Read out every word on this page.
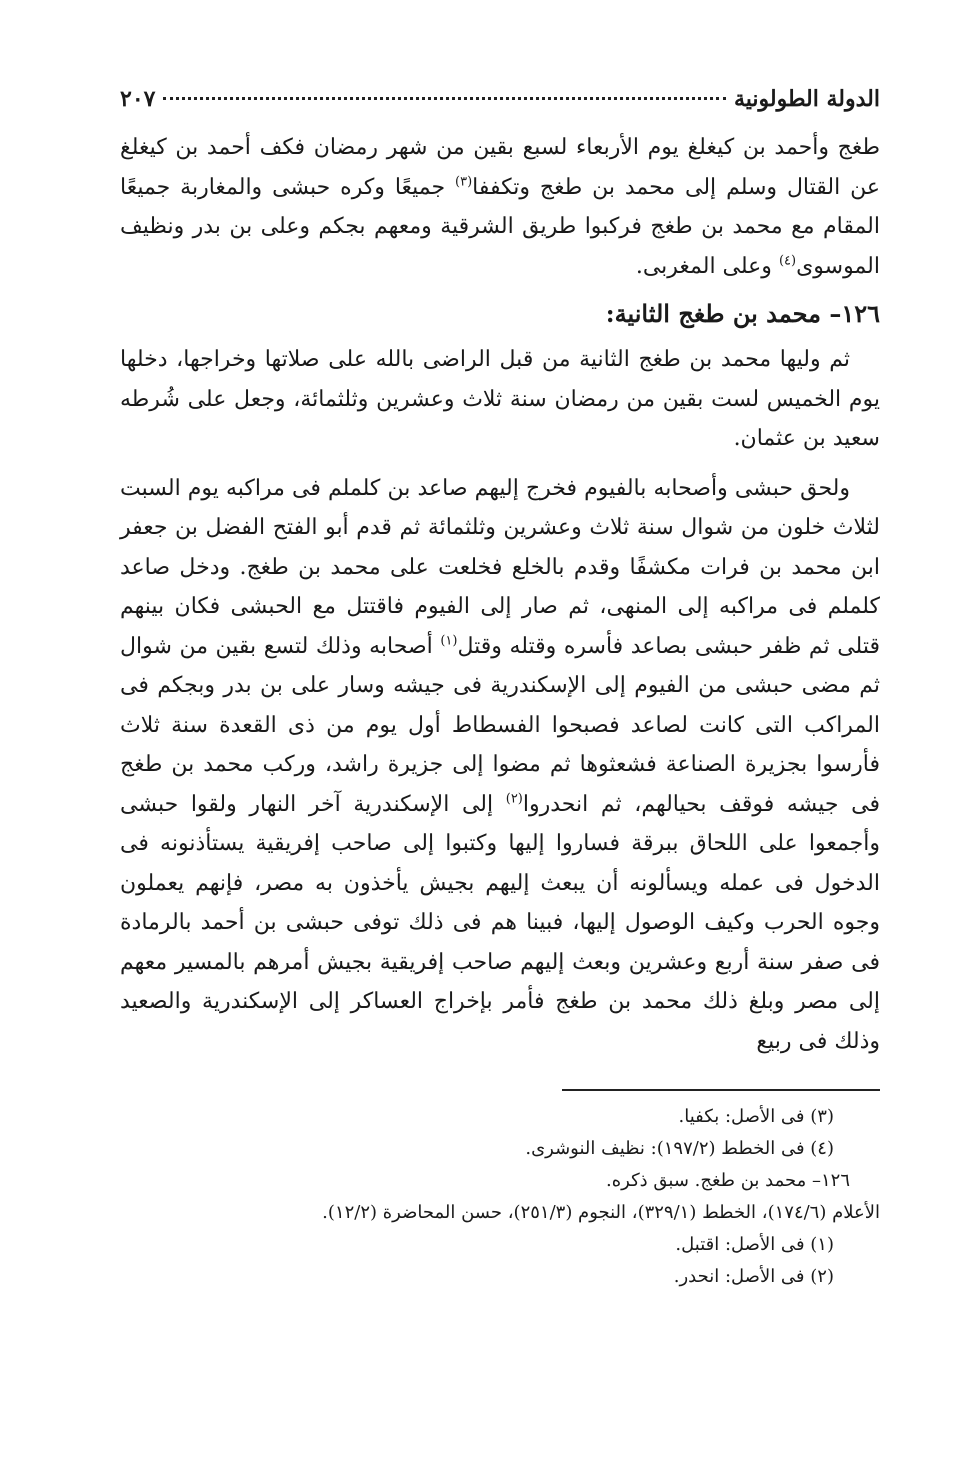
الدولة الطولونية
٢٠٧

طغج وأحمد بن كيغلغ يوم الأربعاء لسبع بقين من شهر رمضان فكف أحمد بن كيغلغ عن القتال وسلم إلى محمد بن طغج وتكففا$^{(٣)}$ جميعًا وكره حبشى والمغاربة جميعًا المقام مع محمد بن طغج فركبوا طريق الشرقية ومعهم بجكم وعلى بن بدر ونظيف الموسوى$^{(٤)}$ وعلى المغربى.

١٢٦– محمد بن طغج الثانية:

ثم وليها محمد بن طغج الثانية من قبل الراضى بالله على صلاتها وخراجها، دخلها يوم الخميس لست بقين من رمضان سنة ثلاث وعشرين وثلثمائة، وجعل على شُرطه سعيد بن عثمان.

ولحق حبشى وأصحابه بالفيوم فخرج إليهم صاعد بن كلملم فى مراكبه يوم السبت لثلاث خلون من شوال سنة ثلاث وعشرين وثلثمائة ثم قدم أبو الفتح الفضل بن جعفر ابن محمد بن فرات مكشفًا وقدم بالخلع فخلعت على محمد بن طغج. ودخل صاعد كلملم فى مراكبه إلى المنهى، ثم صار إلى الفيوم فاقتتل مع الحبشى فكان بينهم قتلى ثم ظفر حبشى بصاعد فأسره وقتله وقتل$^{(١)}$ أصحابه وذلك لتسع بقين من شوال ثم مضى حبشى من الفيوم إلى الإسكندرية فى جيشه وسار على بن بدر وبجكم فى المراكب التى كانت لصاعد فصبحوا الفسطاط أول يوم من ذى القعدة سنة ثلاث فأرسوا بجزيرة الصناعة فشعثوها ثم مضوا إلى جزيرة راشد، وركب محمد بن طغج فى جيشه فوقف بحيالهم، ثم انحدروا$^{(٢)}$ إلى الإسكندرية آخر النهار ولقوا حبشى وأجمعوا على اللحاق ببرقة فساروا إليها وكتبوا إلى صاحب إفريقية يستأذنونه فى الدخول فى عمله ويسألونه أن يبعث إليهم بجيش يأخذون به مصر، فإنهم يعملون وجوه الحرب وكيف الوصول إليها، فبينا هم فى ذلك توفى حبشى بن أحمد بالرمادة فى صفر سنة أربع وعشرين وبعث إليهم صاحب إفريقية بجيش أمرهم بالمسير معهم إلى مصر وبلغ ذلك محمد بن طغج فأمر بإخراج العساكر إلى الإسكندرية والصعيد وذلك فى ربيع

(٣) فى الأصل: بكفيا.

(٤) فى الخطط (١٩٧/٢): نظيف النوشرى.

١٢٦– محمد بن طغج. سبق ذكره.

الأعلام (١٧٤/٦)، الخطط (٣٢٩/١)، النجوم (٢٥١/٣)، حسن المحاضرة (١٢/٢).

(١) فى الأصل: اقتبل.

(٢) فى الأصل: انحدر.
